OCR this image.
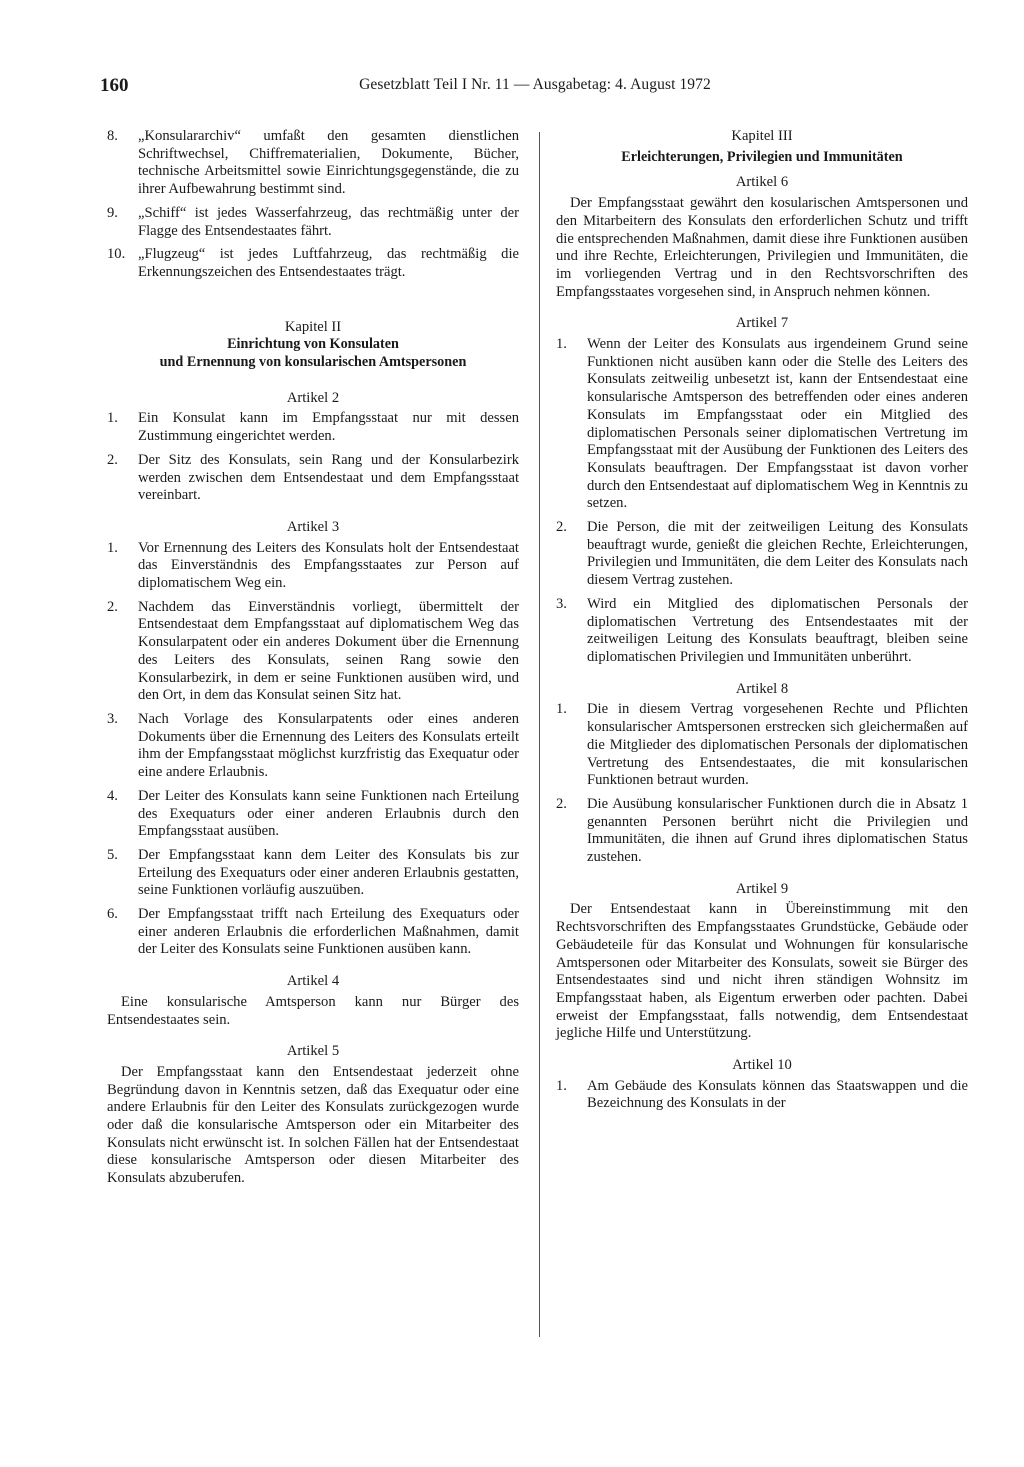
160	Gesetzblatt Teil I Nr. 11 — Ausgabetag: 4. August 1972
8.	„Konsulararchiv“ umfaßt den gesamten dienstlichen Schriftwechsel, Chiffrematerialien, Dokumente, Bücher, technische Arbeitsmittel sowie Einrichtungsgegenstände, die zu ihrer Aufbewahrung bestimmt sind.
9.	„Schiff“ ist jedes Wasserfahrzeug, das rechtmäßig unter der Flagge des Entsendestaates fährt.
10. „Flugzeug“ ist jedes Luftfahrzeug, das rechtmäßig die Erkennungszeichen des Entsendestaates trägt.

Kapitel II

Einrichtung von Konsulaten

und Ernennung von konsularischen Amtspersonen

Artikel 2

1.	Ein Konsulat kann im Empfangsstaat nur mit dessen Zustimmung eingerichtet werden.
2.	Der Sitz des Konsulats, sein Rang und der Konsularbezirk werden zwischen dem Entsendestaat und dem Empfangsstaat vereinbart.

Artikel 3

1.	Vor Ernennung des Leiters des Konsulats holt der Entsendestaat das Einverständnis des Empfangsstaates zur Person auf diplomatischem Weg ein.
2.	Nachdem das Einverständnis vorliegt, übermittelt der Entsendestaat dem Empfangsstaat auf diplomatischem Weg das Konsularpatent oder ein anderes Dokument über die Ernennung des Leiters des Konsulats, seinen Rang sowie den Konsularbezirk, in dem er seine Funktionen ausüben wird, und den Ort, in dem das Konsulat seinen Sitz hat.
3.	Nach Vorlage des Konsularpatents oder eines anderen Dokuments über die Ernennung des Leiters des Konsulats erteilt ihm der Empfangsstaat möglichst kurzfristig das Exequatur oder eine andere Erlaubnis.
4.	Der Leiter des Konsulats kann seine Funktionen nach Erteilung des Exequaturs oder einer anderen Erlaubnis durch den Empfangsstaat ausüben.
5.	Der Empfangsstaat kann dem Leiter des Konsulats bis zur Erteilung des Exequaturs oder einer anderen Erlaubnis gestatten, seine Funktionen vorläufig auszuüben.
6.	Der Empfangsstaat trifft nach Erteilung des Exequaturs oder einer anderen Erlaubnis die erforderlichen Maßnahmen, damit der Leiter des Konsulats seine Funktionen ausüben kann.

Artikel 4

Eine konsularische Amtsperson kann nur Bürger des Entsendestaates sein.

Artikel 5

Der Empfangsstaat kann den Entsendestaat jederzeit ohne Begründung davon in Kenntnis setzen, daß das Exequatur oder eine andere Erlaubnis für den Leiter des Konsulats zurückgezogen wurde oder daß die konsularische Amtsperson oder ein Mitarbeiter des Konsulats nicht erwünscht ist. In solchen Fällen hat der Entsendestaat diese konsularische Amtsperson oder diesen Mitarbeiter des Konsulats abzuberufen.

Kapitel III

Erleichterungen, Privilegien und Immunitäten

Artikel 6

Der Empfangsstaat gewährt den kosularischen Amtspersonen und den Mitarbeitern des Konsulats den erforderlichen Schutz und trifft die entsprechenden Maßnahmen, damit diese ihre Funktionen ausüben und ihre Rechte, Erleichterungen, Privilegien und Immunitäten, die im vorliegenden Vertrag und in den Rechtsvorschriften des Empfangsstaates vorgesehen sind, in Anspruch nehmen können.

Artikel 7

1.	Wenn der Leiter des Konsulats aus irgendeinem Grund seine Funktionen nicht ausüben kann oder die Stelle des Leiters des Konsulats zeitweilig unbesetzt ist, kann der Entsendestaat eine konsularische Amtsperson des betreffenden oder eines anderen Konsulats im Empfangsstaat oder ein Mitglied des diplomatischen Personals seiner diplomatischen Vertretung im Empfangsstaat mit der Ausübung der Funktionen des Leiters des Konsulats beauftragen. Der Empfangsstaat ist davon vorher durch den Entsendestaat auf diplomatischem Weg in Kenntnis zu setzen.
2.	Die Person, die mit der zeitweiligen Leitung des Konsulats beauftragt wurde, genießt die gleichen Rechte, Erleichterungen, Privilegien und Immunitäten, die dem Leiter des Konsulats nach diesem Vertrag zustehen.
3.	Wird ein Mitglied des diplomatischen Personals der diplomatischen Vertretung des Entsendestaates mit der zeitweiligen Leitung des Konsulats beauftragt, bleiben seine diplomatischen Privilegien und Immunitäten unberührt.

Artikel 8

1.	Die in diesem Vertrag vorgesehenen Rechte und Pflichten konsularischer Amtspersonen erstrecken sich gleichermaßen auf die Mitglieder des diplomatischen Personals der diplomatischen Vertretung des Entsendestaates, die mit konsularischen Funktionen betraut wurden.
2.	Die Ausübung konsularischer Funktionen durch die in Absatz 1 genannten Personen berührt nicht die Privilegien und Immunitäten, die ihnen auf Grund ihres diplomatischen Status zustehen.

Artikel 9

Der Entsendestaat kann in Übereinstimmung mit den Rechtsvorschriften des Empfangsstaates Grundstücke, Gebäude oder Gebäudeteile für das Konsulat und Wohnungen für konsularische Amtspersonen oder Mitarbeiter des Konsulats, soweit sie Bürger des Entsendestaates sind und nicht ihren ständigen Wohnsitz im Empfangsstaat haben, als Eigentum erwerben oder pachten. Dabei erweist der Empfangsstaat, falls notwendig, dem Entsendestaat jegliche Hilfe und Unterstützung.

Artikel 10

1.	Am Gebäude des Konsulats können das Staatswappen und die Bezeichnung des Konsulats in der
